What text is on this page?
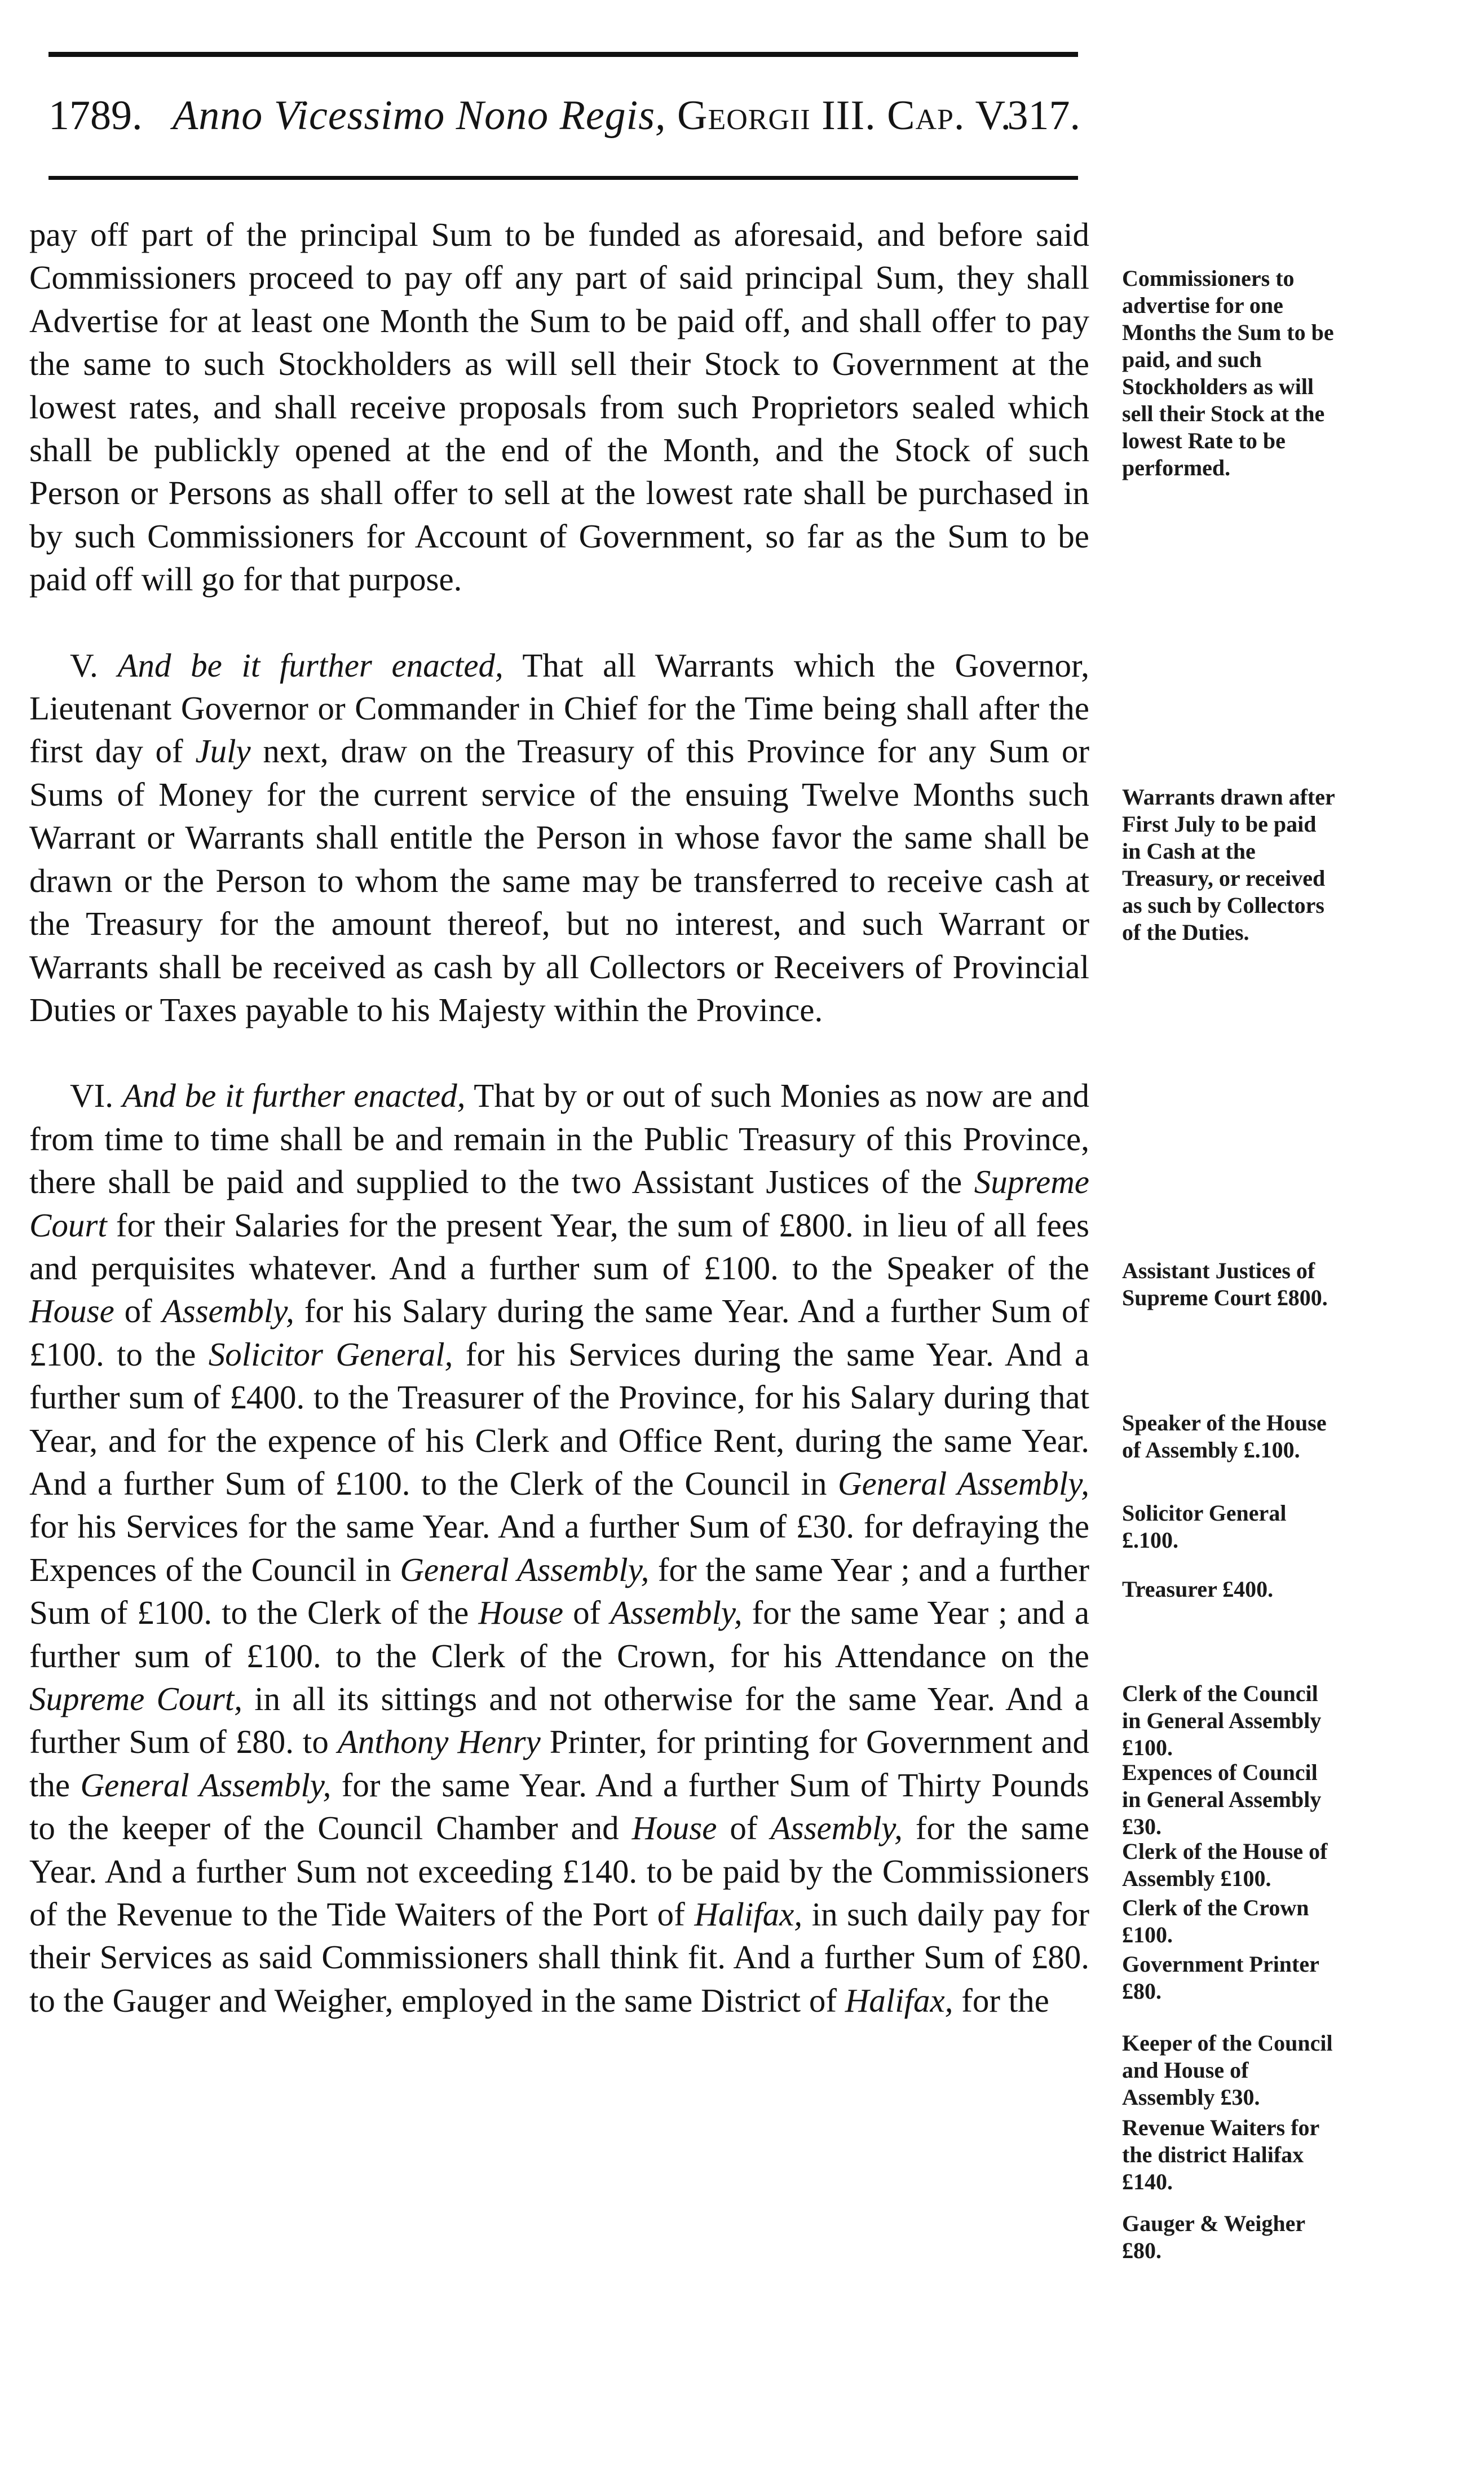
1789. Anno Vicessimo Nono Regis, Georgii III. Cap. V.
317.

pay off part of the principal Sum to be funded as aforesaid, and before said Commissioners proceed to pay off any part of said principal Sum, they shall Advertise for at least one Month the Sum to be paid off, and shall offer to pay the same to such Stockholders as will sell their Stock to Government at the lowest rates, and shall receive proposals from such Proprietors sealed which shall be publickly opened at the end of the Month, and the Stock of such Person or Persons as shall offer to sell at the lowest rate shall be purchased in by such Commissioners for Account of Government, so far as the Sum to be paid off will go for that purpose.

V. And be it further enacted, That all Warrants which the Governor, Lieutenant Governor or Commander in Chief for the Time being shall after the first day of July next, draw on the Treasury of this Province for any Sum or Sums of Money for the current service of the ensuing Twelve Months such Warrant or Warrants shall entitle the Person in whose favor the same shall be drawn or the Person to whom the same may be transferred to receive cash at the Treasury for the amount thereof, but no interest, and such Warrant or Warrants shall be received as cash by all Collectors or Receivers of Provincial Duties or Taxes payable to his Majesty within the Province.

VI. And be it further enacted, That by or out of such Monies as now are and from time to time shall be and remain in the Public Treasury of this Province, there shall be paid and supplied to the two Assistant Justices of the Supreme Court for their Salaries for the present Year, the sum of £800. in lieu of all fees and perquisites whatever. And a further sum of £100. to the Speaker of the House of Assembly, for his Salary during the same Year. And a further Sum of £100. to the Solicitor General, for his Services during the same Year. And a further sum of £400. to the Treasurer of the Province, for his Salary during that Year, and for the expence of his Clerk and Office Rent, during the same Year. And a further Sum of £100. to the Clerk of the Council in General Assembly, for his Services for the same Year. And a further Sum of £30. for defraying the Expences of the Council in General Assembly, for the same Year ; and a further Sum of £100. to the Clerk of the House of Assembly, for the same Year ; and a further sum of £100. to the Clerk of the Crown, for his Attendance on the Supreme Court, in all its sittings and not otherwise for the same Year. And a further Sum of £80. to Anthony Henry Printer, for printing for Government and the General Assembly, for the same Year. And a further Sum of Thirty Pounds to the keeper of the Council Chamber and House of Assembly, for the same Year. And a further Sum not exceeding £140. to be paid by the Commissioners of the Revenue to the Tide Waiters of the Port of Halifax, in such daily pay for their Services as said Commissioners shall think fit. And a further Sum of £80. to the Gauger and Weigher, employed in the same District of Halifax, for the

Commissioners to advertise for one Months the Sum to be paid, and such Stockholders as will sell their Stock at the lowest Rate to be performed.
Warrants drawn after First July to be paid in Cash at the Treasury, or received as such by Collectors of the Duties.
Assistant Justices of Supreme Court £800.
Speaker of the House of Assembly £.100.
Solicitor General £.100.
Treasurer £400.
Clerk of the Council in General Assembly £100.
Expences of Council in General Assembly £30.
Clerk of the House of Assembly £100.
Clerk of the Crown £100.
Government Printer £80.
Keeper of the Council and House of Assembly £30.
Revenue Waiters for the district Halifax £140.
Gauger & Weigher £80.
